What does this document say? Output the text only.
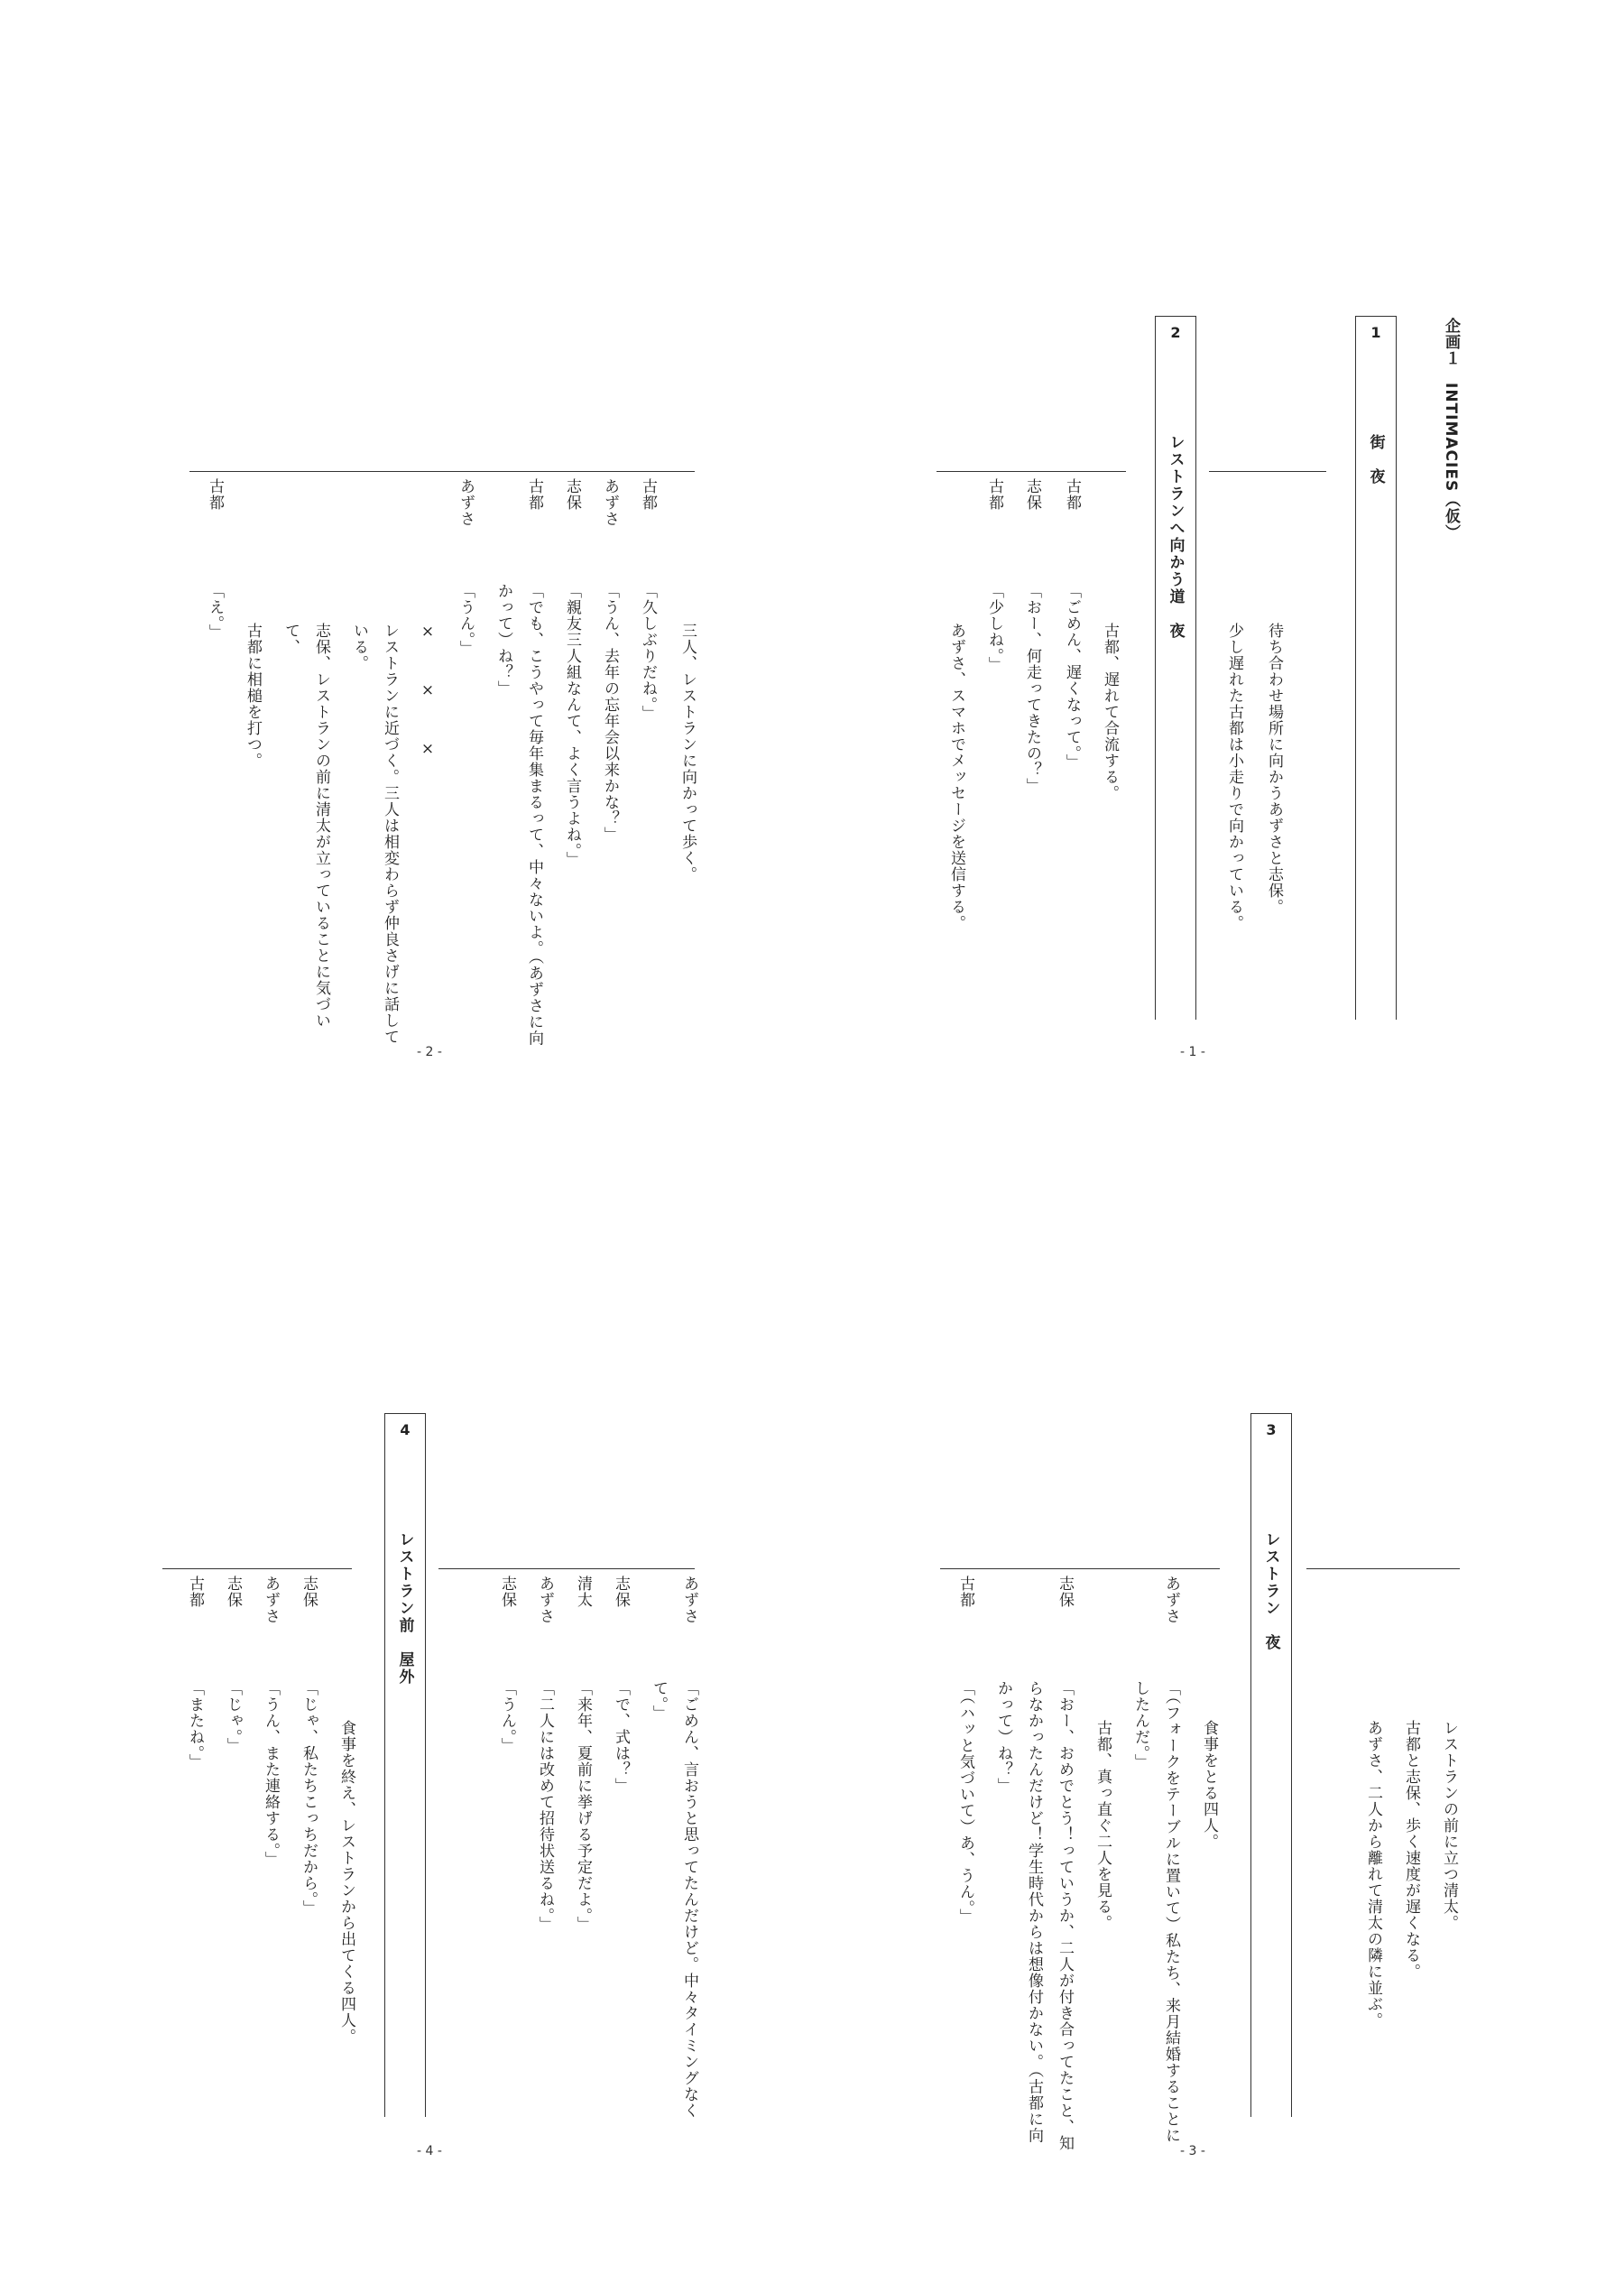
企画１　INTIMACIES（仮）
1
街　夜
待ち合わせ場所に向かうあずさと志保。
少し遅れた古都は小走りで向かっている。
2
レストランへ向かう道　夜
古都、遅れて合流する。
古都
「ごめん、遅くなって。」
志保
「おー、何走ってきたの？」
古都
「少しね。」
あずさ、スマホでメッセージを送信する。
- 1 -
三人、レストランに向かって歩く。
古都
「久しぶりだね。」
あずさ
「うん、去年の忘年会以来かな？」
志保
「親友三人組なんて、よく言うよね。」
古都
「でも、こうやって毎年集まるって、中々ないよ。（あずさに向
かって）ね？」
あずさ
「うん。」
×　×　×
レストランに近づく。三人は相変わらず仲良さげに話して
いる。
志保、レストランの前に清太が立っていることに気づい
て、
古都に相槌を打つ。
古都
「え。」
- 2 -
3
レストラン　夜
レストランの前に立つ清太。
古都と志保、歩く速度が遅くなる。
あずさ、二人から離れて清太の隣に並ぶ。
食事をとる四人。
あずさ
「（フォークをテーブルに置いて）私たち、来月結婚することに
したんだ。」
古都、真っ直ぐ二人を見る。
志保
「おー、おめでとう！っていうか、二人が付き合ってたこと、知
らなかったんだけど！学生時代からは想像付かない。（古都に向
かって）ね？」
古都
「（ハッと気づいて）あ、うん。」
- 3 -
あずさ
「ごめん、言おうと思ってたんだけど。中々タイミングなく
て。」
志保
「で、式は？」
清太
「来年、夏前に挙げる予定だよ。」
あずさ
「二人には改めて招待状送るね。」
志保
「うん。」
4
レストラン前　屋外
食事を終え、レストランから出てくる四人。
志保
「じゃ、私たちこっちだから。」
あずさ
「うん、また連絡する。」
志保
「じゃ。」
古都
「またね。」
- 4 -
